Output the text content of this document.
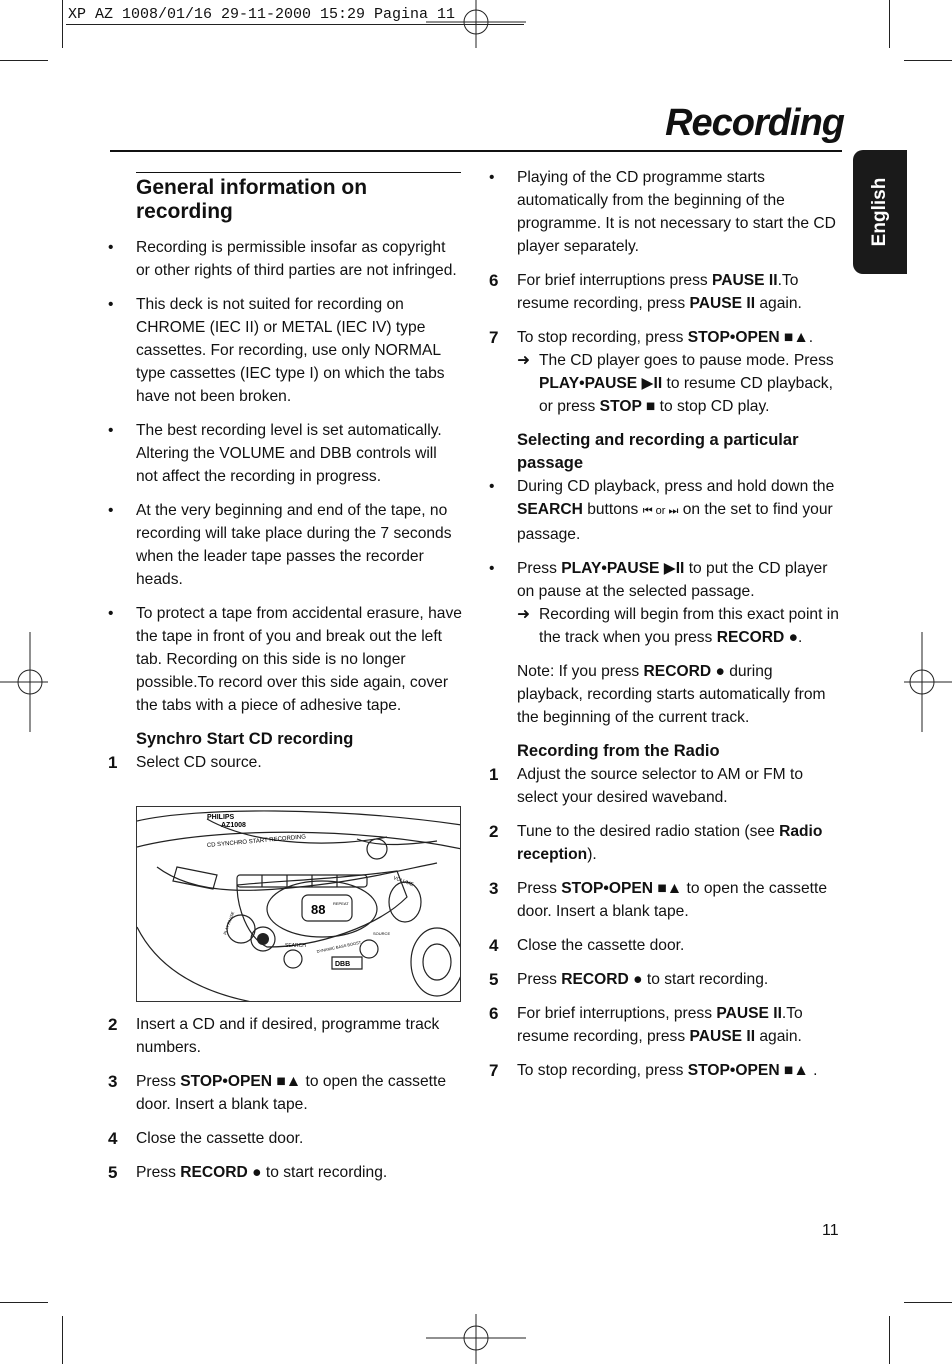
XP AZ 1008/01/16 29-11-2000 15:29 Pagina 11
Recording
English

General information on recording

• Recording is permissible insofar as copyright or other rights of third parties are not infringed.
• This deck is not suited for recording on CHROME (IEC II) or METAL (IEC IV) type cassettes. For recording, use only NORMAL type cassettes (IEC type I) on which the tabs have not been broken.
• The best recording level is set automatically. Altering the VOLUME and DBB controls will not affect the recording in progress.
• At the very beginning and end of the tape, no recording will take place during the 7 seconds when the leader tape passes the recorder heads.
• To protect a tape from accidental erasure, have the tape in front of you and break out the left tab. Recording on this side is no longer possible.To record over this side again, cover the tabs with a piece of adhesive tape.

Synchro Start CD recording

1 Select CD source.
PHILIPS
AZ1008
CD SYNCHRO START RECORDING
VOLUME
SEARCH
DBB
DYNAMIC BASS BOOST
SOURCE
PLAY PAUSE
88 REPEAT
2 Insert a CD and if desired, programme track numbers.
3 Press STOP•OPEN ■▲ to open the cassette door. Insert a blank tape.
4 Close the cassette door.
5 Press RECORD ● to start recording.
• Playing of the CD programme starts automatically from the beginning of the programme. It is not necessary to start the CD player separately.
6 For brief interruptions press PAUSE II.To resume recording, press PAUSE II again.
7 To stop recording, press STOP•OPEN ■▲.
➜ The CD player goes to pause mode. Press PLAY•PAUSE ▶II to resume CD playback, or press STOP ■ to stop CD play.

Selecting and recording a particular passage

• During CD playback, press and hold down the SEARCH buttons ⏮ or ⏭ on the set to find your passage.
• Press PLAY•PAUSE ▶II to put the CD player on pause at the selected passage.
➜ Recording will begin from this exact point in the track when you press RECORD ●.
Note: If you press RECORD ● during playback, recording starts automatically from the beginning of the current track.

Recording from the Radio

1 Adjust the source selector to AM or FM to select your desired waveband.
2 Tune to the desired radio station (see Radio reception).
3 Press STOP•OPEN ■▲ to open the cassette door. Insert a blank tape.
4 Close the cassette door.
5 Press RECORD ● to start recording.
6 For brief interruptions, press PAUSE II.To resume recording, press PAUSE II again.
7 To stop recording, press STOP•OPEN ■▲ .
11
